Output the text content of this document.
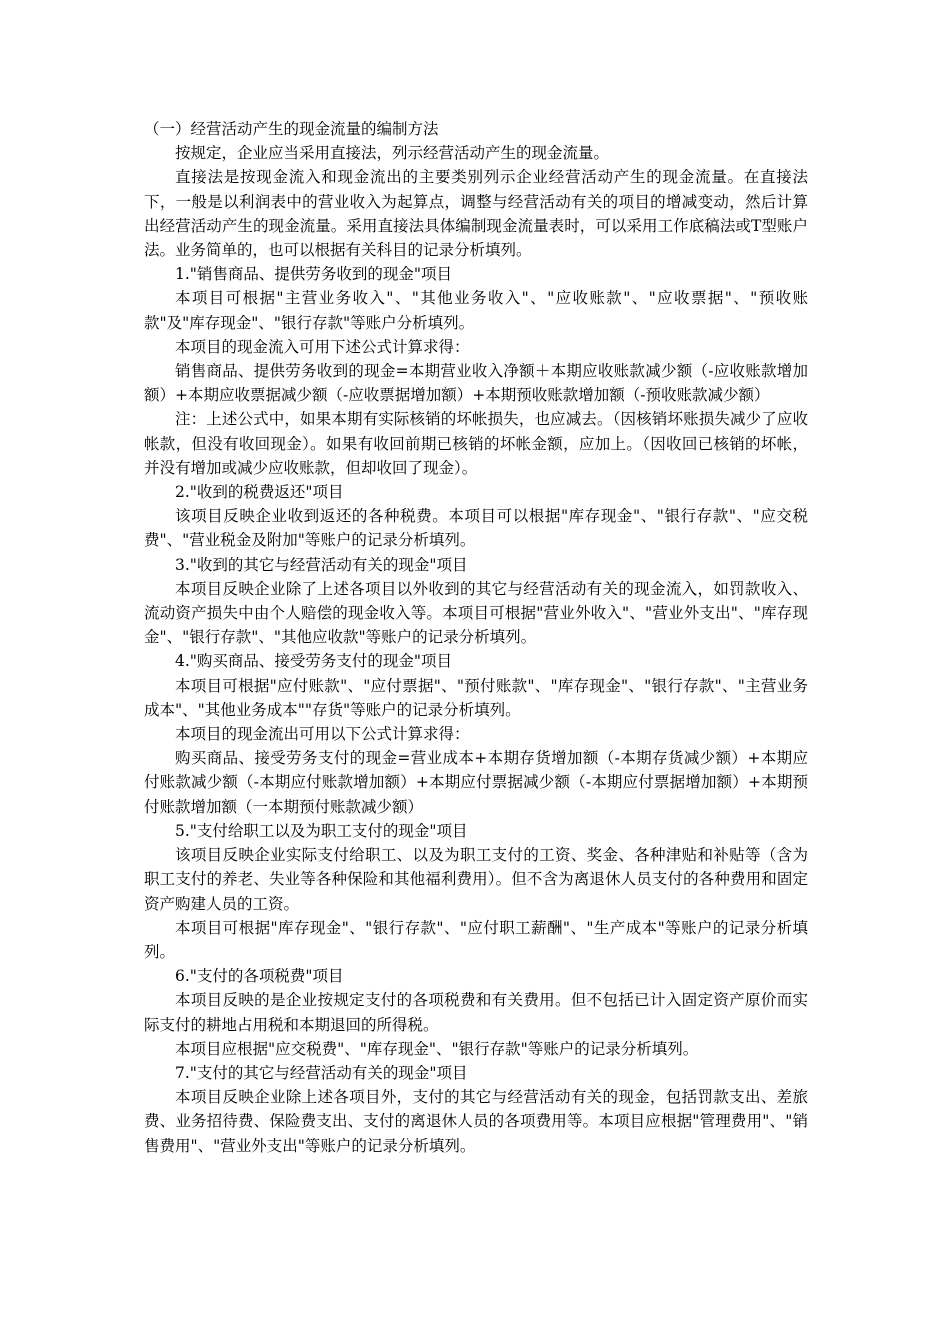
（一）经营活动产生的现金流量的编制方法

按规定，企业应当采用直接法，列示经营活动产生的现金流量。

直接法是按现金流入和现金流出的主要类别列示企业经营活动产生的现金流量。在直接法下，一般是以利润表中的营业收入为起算点，调整与经营活动有关的项目的增减变动，然后计算出经营活动产生的现金流量。采用直接法具体编制现金流量表时，可以采用工作底稿法或T型账户法。业务简单的，也可以根据有关科目的记录分析填列。

1."销售商品、提供劳务收到的现金"项目

本项目可根据"主营业务收入"、"其他业务收入"、"应收账款"、"应收票据"、"预收账款"及"库存现金"、"银行存款"等账户分析填列。

本项目的现金流入可用下述公式计算求得：

销售商品、提供劳务收到的现金=本期营业收入净额＋本期应收账款减少额（-应收账款增加额）+本期应收票据减少额（-应收票据增加额）+本期预收账款增加额（-预收账款减少额）

注：上述公式中，如果本期有实际核销的坏帐损失，也应减去。（因核销坏账损失减少了应收帐款，但没有收回现金）。如果有收回前期已核销的坏帐金额，应加上。（因收回已核销的坏帐，并没有增加或减少应收账款，但却收回了现金）。

2."收到的税费返还"项目

该项目反映企业收到返还的各种税费。本项目可以根据"库存现金"、"银行存款"、"应交税费"、"营业税金及附加"等账户的记录分析填列。

3."收到的其它与经营活动有关的现金"项目

本项目反映企业除了上述各项目以外收到的其它与经营活动有关的现金流入，如罚款收入、流动资产损失中由个人赔偿的现金收入等。本项目可根据"营业外收入"、"营业外支出"、"库存现金"、"银行存款"、"其他应收款"等账户的记录分析填列。

4."购买商品、接受劳务支付的现金"项目

本项目可根据"应付账款"、"应付票据"、"预付账款"、"库存现金"、"银行存款"、"主营业务成本"、"其他业务成本""存货"等账户的记录分析填列。

本项目的现金流出可用以下公式计算求得：

购买商品、接受劳务支付的现金=营业成本+本期存货增加额（-本期存货减少额）+本期应付账款减少额（-本期应付账款增加额）+本期应付票据减少额（-本期应付票据增加额）+本期预付账款增加额（一本期预付账款减少额）

5."支付给职工以及为职工支付的现金"项目

该项目反映企业实际支付给职工、以及为职工支付的工资、奖金、各种津贴和补贴等（含为职工支付的养老、失业等各种保险和其他福利费用）。但不含为离退休人员支付的各种费用和固定资产购建人员的工资。

本项目可根据"库存现金"、"银行存款"、"应付职工薪酬"、"生产成本"等账户的记录分析填列。

6."支付的各项税费"项目

本项目反映的是企业按规定支付的各项税费和有关费用。但不包括已计入固定资产原价而实际支付的耕地占用税和本期退回的所得税。

本项目应根据"应交税费"、"库存现金"、"银行存款"等账户的记录分析填列。

7."支付的其它与经营活动有关的现金"项目

本项目反映企业除上述各项目外，支付的其它与经营活动有关的现金，包括罚款支出、差旅费、业务招待费、保险费支出、支付的离退休人员的各项费用等。本项目应根据"管理费用"、"销售费用"、"营业外支出"等账户的记录分析填列。
